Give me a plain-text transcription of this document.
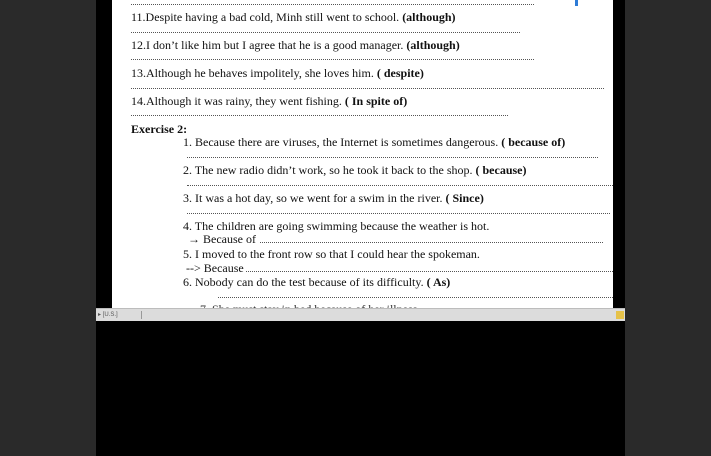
11.Despite having a bad cold, Minh still went to school. (although)
12.I don’t like him but I agree that he is a good manager. (although)
13.Although he behaves impolitely, she loves him. ( despite)
14.Although it was rainy, they went fishing. ( In spite of)
Exercise 2:
1. Because there are viruses, the Internet is sometimes dangerous. ( because of)
2. The new radio didn’t work, so he took it back to the shop. ( because)
3. It was a hot day, so we went for a swim in the river. ( Since)
4. The children are going swimming because the weather is hot.
→ Because of
5. I moved to the front row so that I could hear the spokeman.
--> Because
6. Nobody can do the test because of its difficulty. ( As)
▸ [U.S.]
